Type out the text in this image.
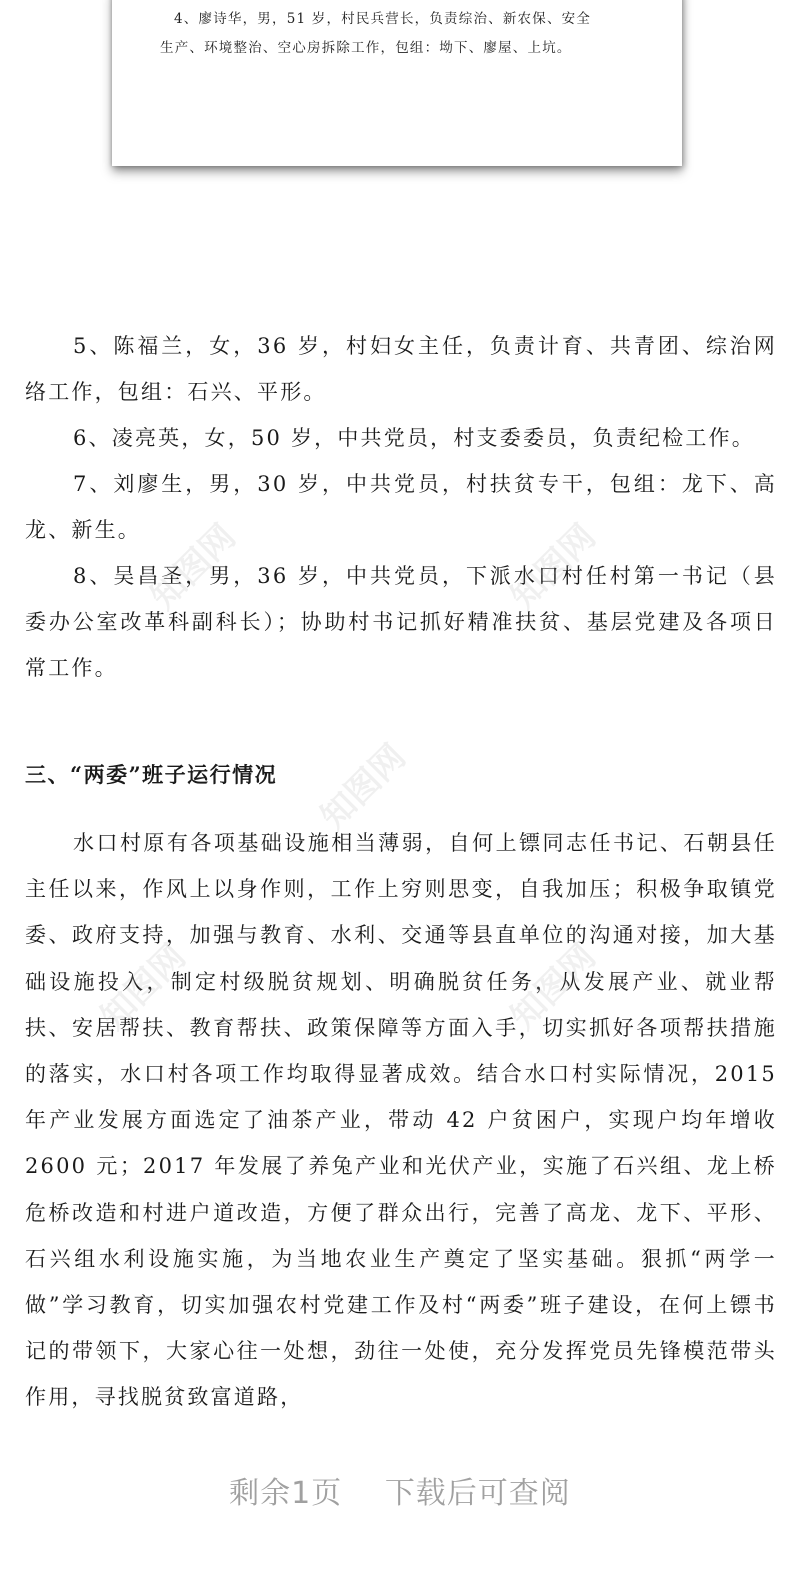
4、廖诗华，男，51 岁，村民兵营长，负责综治、新农保、安全

生产、环境整治、空心房拆除工作，包组：坳下、廖屋、上坑。

5、陈福兰，女，36 岁，村妇女主任，负责计育、共青团、综治网络工作，包组：石兴、平形。

6、凌亮英，女，50 岁，中共党员，村支委委员，负责纪检工作。

7、刘廖生，男，30 岁，中共党员，村扶贫专干，包组：龙下、高龙、新生。

8、吴昌圣，男，36 岁，中共党员，下派水口村任村第一书记（县委办公室改革科副科长）；协助村书记抓好精准扶贫、基层党建及各项日常工作。

三、“两委”班子运行情况

水口村原有各项基础设施相当薄弱，自何上镖同志任书记、石朝县任主任以来，作风上以身作则，工作上穷则思变，自我加压；积极争取镇党委、政府支持，加强与教育、水利、交通等县直单位的沟通对接，加大基础设施投入，制定村级脱贫规划、明确脱贫任务，从发展产业、就业帮扶、安居帮扶、教育帮扶、政策保障等方面入手，切实抓好各项帮扶措施的落实，水口村各项工作均取得显著成效。结合水口村实际情况，2015 年产业发展方面选定了油茶产业，带动 42 户贫困户，实现户均年增收 2600 元；2017 年发展了养兔产业和光伏产业，实施了石兴组、龙上桥危桥改造和村进户道改造，方便了群众出行，完善了高龙、龙下、平形、石兴组水利设施实施，为当地农业生产奠定了坚实基础。狠抓“两学一做”学习教育，切实加强农村党建工作及村“两委”班子建设，在何上镖书记的带领下，大家心往一处想，劲往一处使，充分发挥党员先锋模范带头作用，寻找脱贫致富道路，

知图网	知图网
知图网
知图网	知图网
剩余1页 下载后可查阅
